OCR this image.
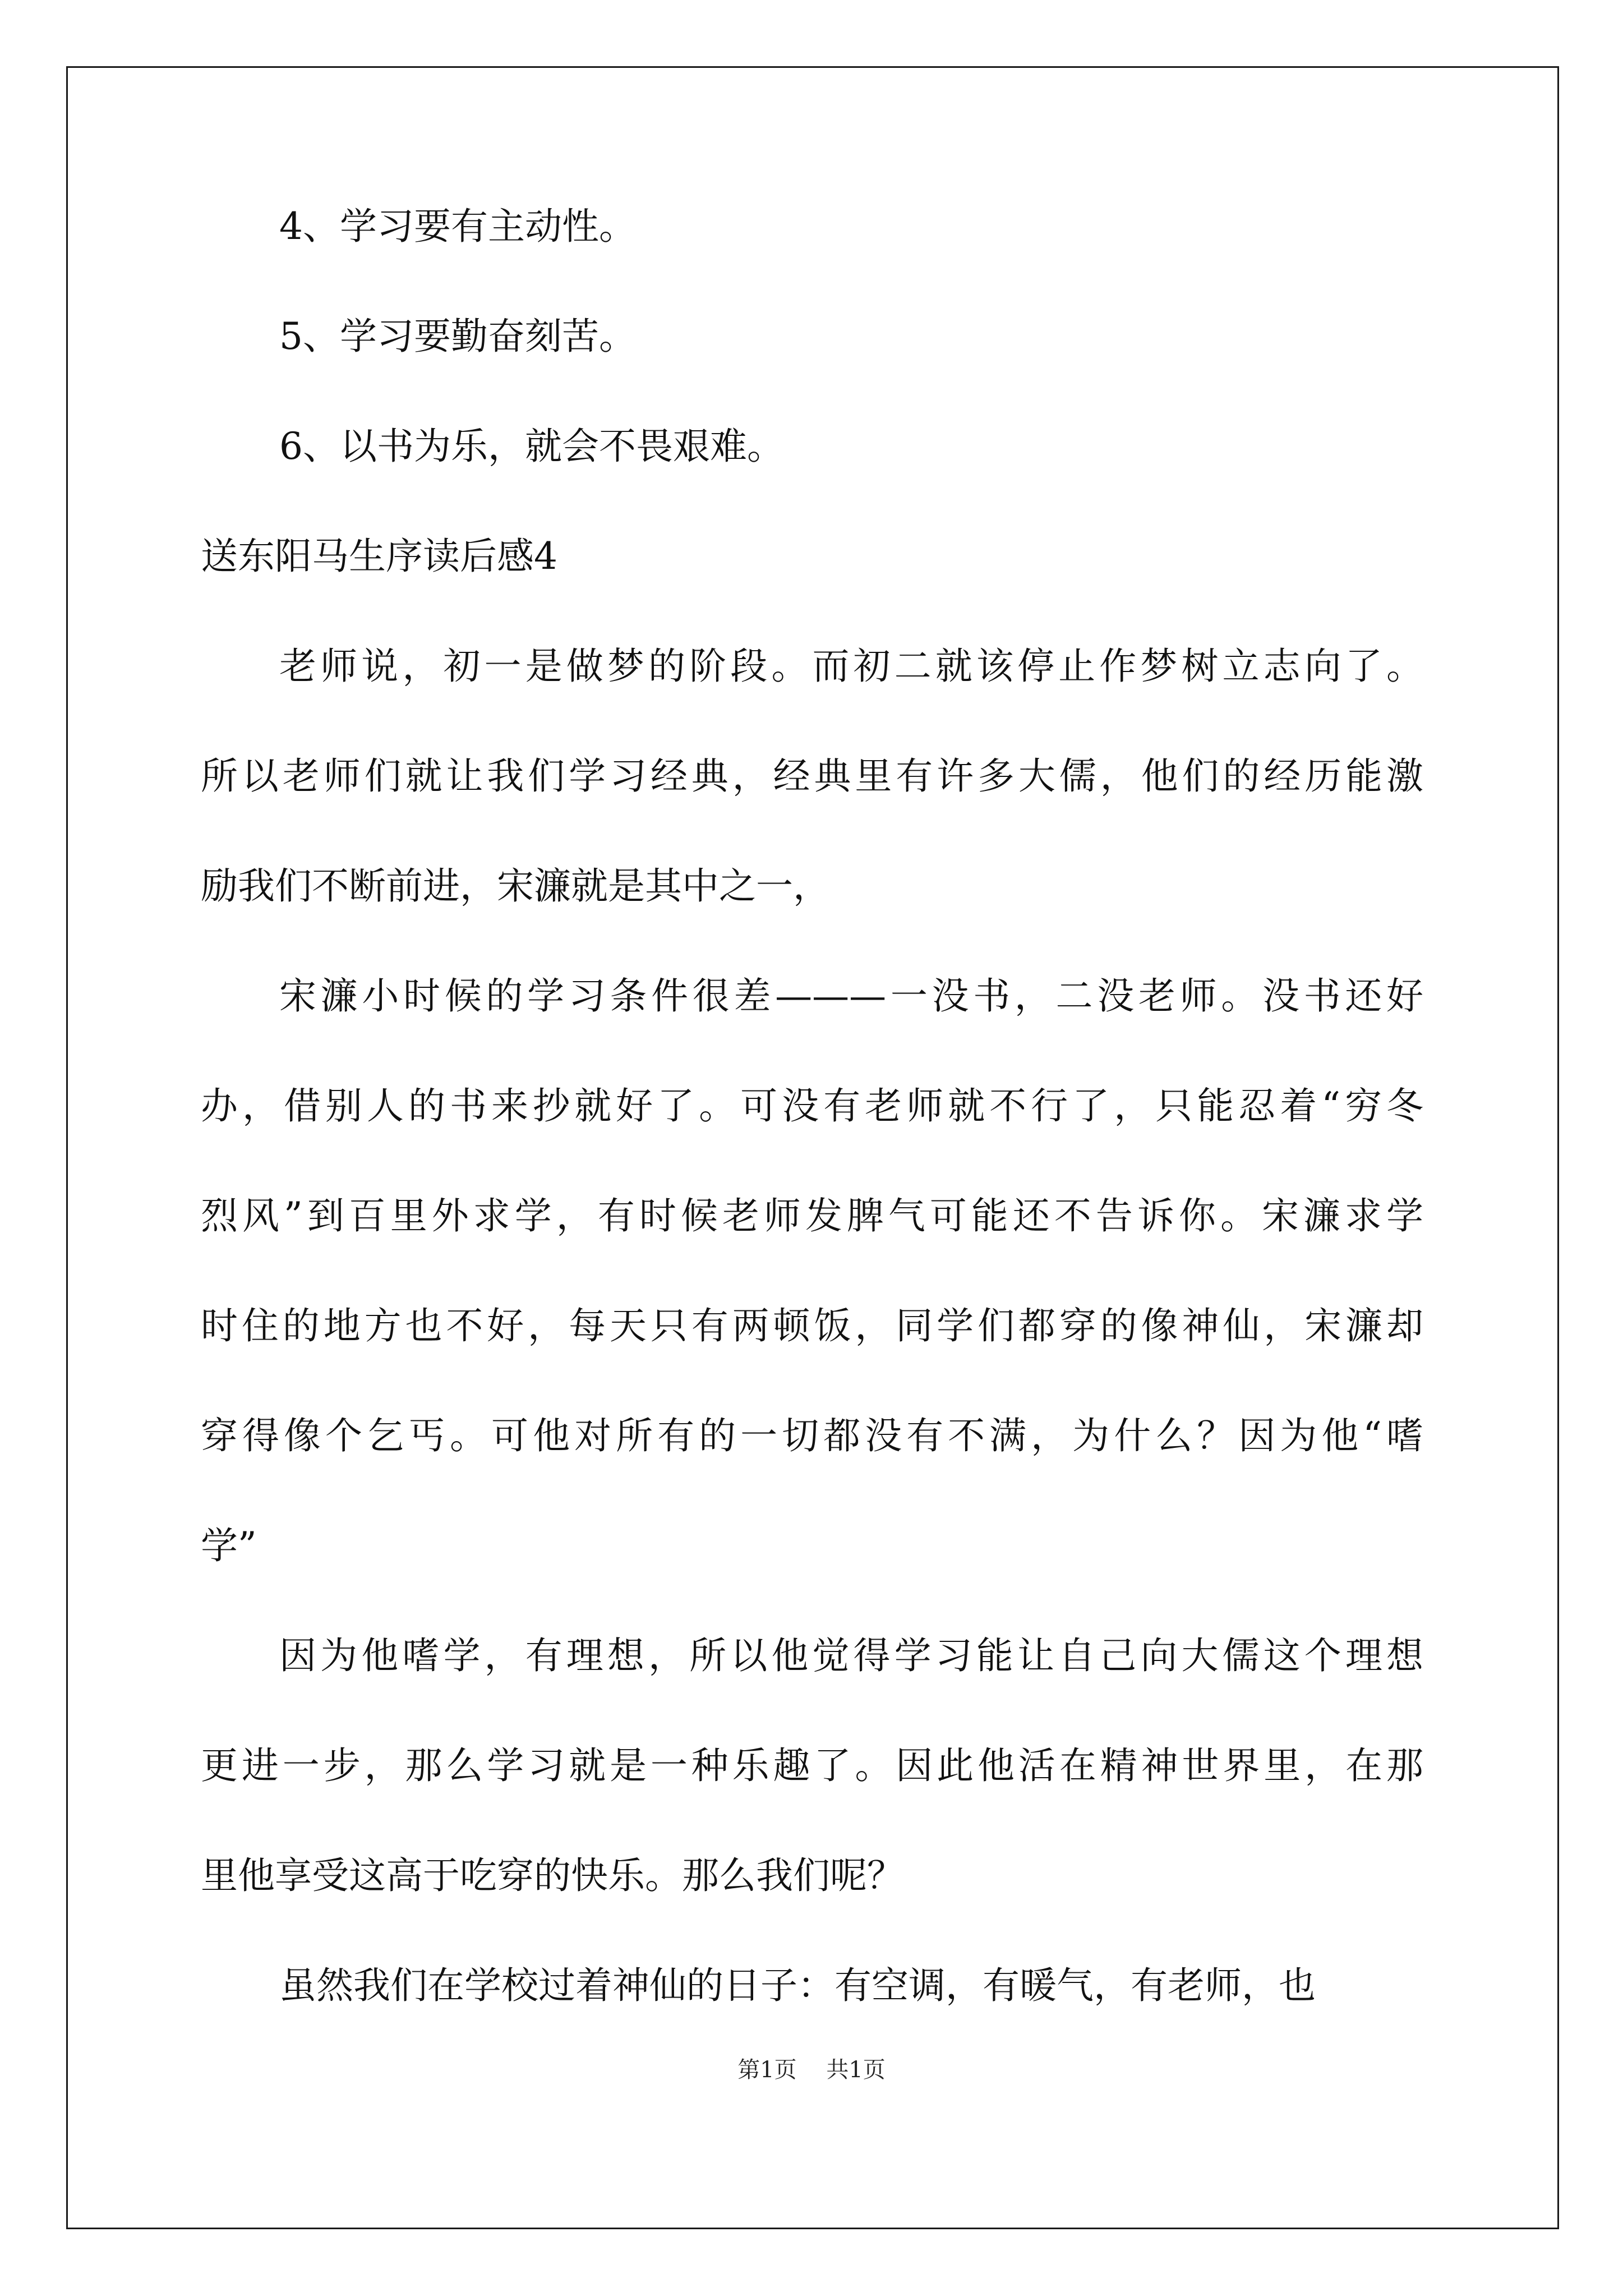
4、学习要有主动性。
5、学习要勤奋刻苦。
6、以书为乐，就会不畏艰难。
送东阳马生序读后感4
老师说，初一是做梦的阶段。而初二就该停止作梦树立志向了。
所以老师们就让我们学习经典，经典里有许多大儒，他们的经历能激
励我们不断前进，宋濂就是其中之一，
宋濂小时候的学习条件很差———一没书，二没老师。没书还好
办，借别人的书来抄就好了。可没有老师就不行了，只能忍着“穷冬
烈风”到百里外求学，有时候老师发脾气可能还不告诉你。宋濂求学
时住的地方也不好，每天只有两顿饭，同学们都穿的像神仙，宋濂却
穿得像个乞丐。可他对所有的一切都没有不满，为什么？因为他“嗜
学”
因为他嗜学，有理想，所以他觉得学习能让自己向大儒这个理想
更进一步，那么学习就是一种乐趣了。因此他活在精神世界里，在那
里他享受这高于吃穿的快乐。那么我们呢？
虽然我们在学校过着神仙的日子：有空调，有暖气，有老师，也
第1页 共1页
